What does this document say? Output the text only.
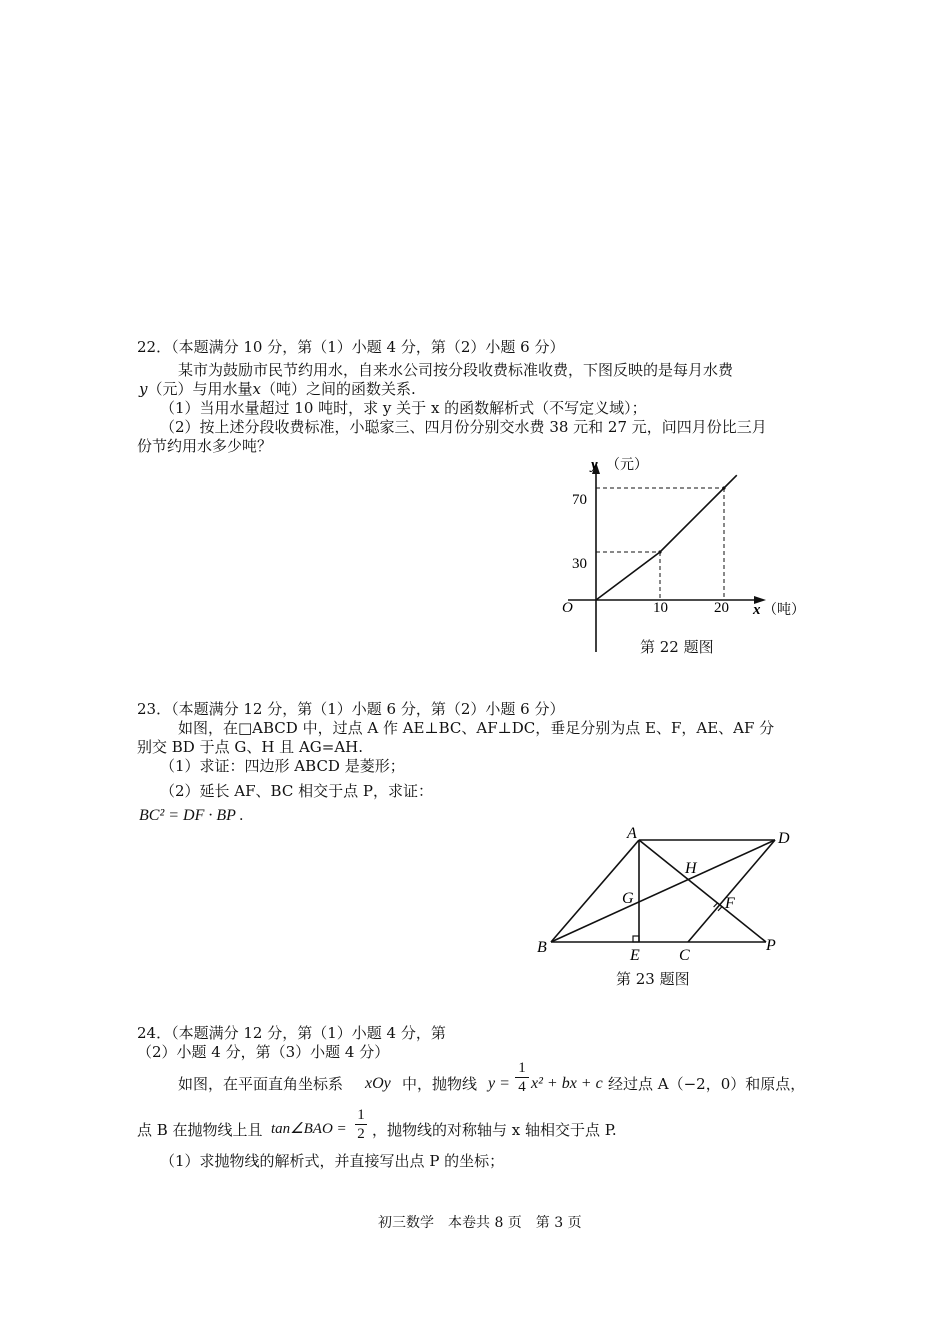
22．（本题满分 10 分，第（1）小题 4 分，第（2）小题 6 分）
某市为鼓励市民节约用水，自来水公司按分段收费标准收费，下图反映的是每月水费
y（元）与用水量x（吨）之间的函数关系.
（1）当用水量超过 10 吨时，求 y 关于 x 的函数解析式（不写定义域）；
（2）按上述分段收费标准，小聪家三、四月份分别交水费 38 元和 27 元，问四月份比三月
份节约用水多少吨？
y （元）
x （吨）
O
70
30
10	20
第 22 题图
23．（本题满分 12 分，第（1）小题 6 分，第（2）小题 6 分）
如图，在□ABCD 中，过点 A 作 AE⊥BC、AF⊥DC，垂足分别为点 E、F，AE、AF 分
别交 BD 于点 G、H 且 AG=AH.
（1）求证：四边形 ABCD 是菱形；
（2）延长 AF、BC 相交于点 P，求证：
BC² = DF · BP .
A	D
H
G	F
B	E C
P
第 23 题图
24．（本题满分 12 分，第（1）小题 4 分，第
（2）小题 4 分，第（3）小题 4 分）
如图，在平面直角坐标系 xOy 中，抛物线 $y = \frac{1}{4} x^2$ + bx + c 经过点 A（−2，0）和原点，
点 B 在抛物线上且 tan∠BAO = $\frac{1}{2}$ ，抛物线的对称轴与 x 轴相交于点 P.
（1）求抛物线的解析式，并直接写出点 P 的坐标；
初三数学　本卷共 8 页　第 3 页
